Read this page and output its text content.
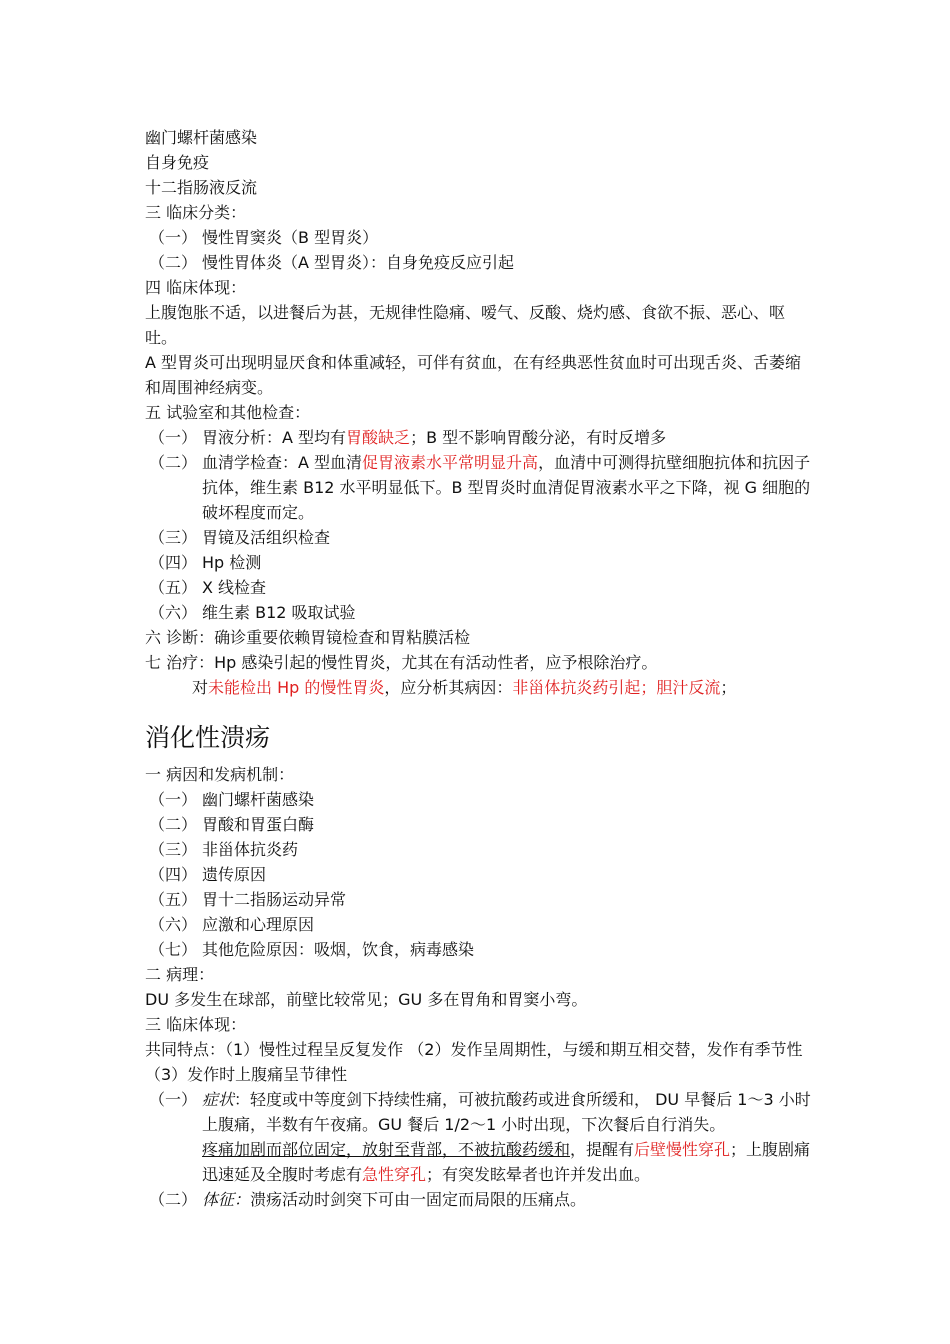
幽门螺杆菌感染
自身免疫
十二指肠液反流
三 临床分类：
（一） 慢性胃窦炎（B 型胃炎）
（二） 慢性胃体炎（A 型胃炎）：自身免疫反应引起
四 临床体现：
上腹饱胀不适，以进餐后为甚，无规律性隐痛、嗳气、反酸、烧灼感、食欲不振、恶心、呕吐。
A 型胃炎可出现明显厌食和体重减轻，可伴有贫血，在有经典恶性贫血时可出现舌炎、舌萎缩和周围神经病变。
五 试验室和其他检查：
（一） 胃液分析：A 型均有胃酸缺乏；B 型不影响胃酸分泌，有时反增多
（二） 血清学检查：A 型血清促胃液素水平常明显升高，血清中可测得抗壁细胞抗体和抗因子抗体，维生素 B12 水平明显低下。B 型胃炎时血清促胃液素水平之下降，视 G 细胞的破坏程度而定。
（三） 胃镜及活组织检查
（四） Hp 检测
（五） X 线检查
（六） 维生素 B12 吸取试验
六 诊断：确诊重要依赖胃镜检查和胃粘膜活检
七 治疗：Hp 感染引起的慢性胃炎，尤其在有活动性者，应予根除治疗。
对未能检出 Hp 的慢性胃炎，应分析其病因：非甾体抗炎药引起；胆汁反流；
消化性溃疡
一 病因和发病机制：
（一） 幽门螺杆菌感染
（二） 胃酸和胃蛋白酶
（三） 非甾体抗炎药
（四） 遗传原因
（五） 胃十二指肠运动异常
（六） 应激和心理原因
（七） 其他危险原因：吸烟，饮食，病毒感染
二 病理：
DU 多发生在球部，前壁比较常见；GU 多在胃角和胃窦小弯。
三 临床体现：
共同特点：（1）慢性过程呈反复发作 （2）发作呈周期性，与缓和期互相交替，发作有季节性 （3）发作时上腹痛呈节律性
（一） 症状：轻度或中等度剑下持续性痛，可被抗酸药或进食所缓和， DU 早餐后 1～3 小时上腹痛，半数有午夜痛。GU 餐后 1/2～1 小时出现，下次餐后自行消失。
疼痛加剧而部位固定，放射至背部，不被抗酸药缓和，提醒有后壁慢性穿孔；上腹剧痛迅速延及全腹时考虑有急性穿孔；有突发眩晕者也许并发出血。
（二） 体征：溃疡活动时剑突下可由一固定而局限的压痛点。
